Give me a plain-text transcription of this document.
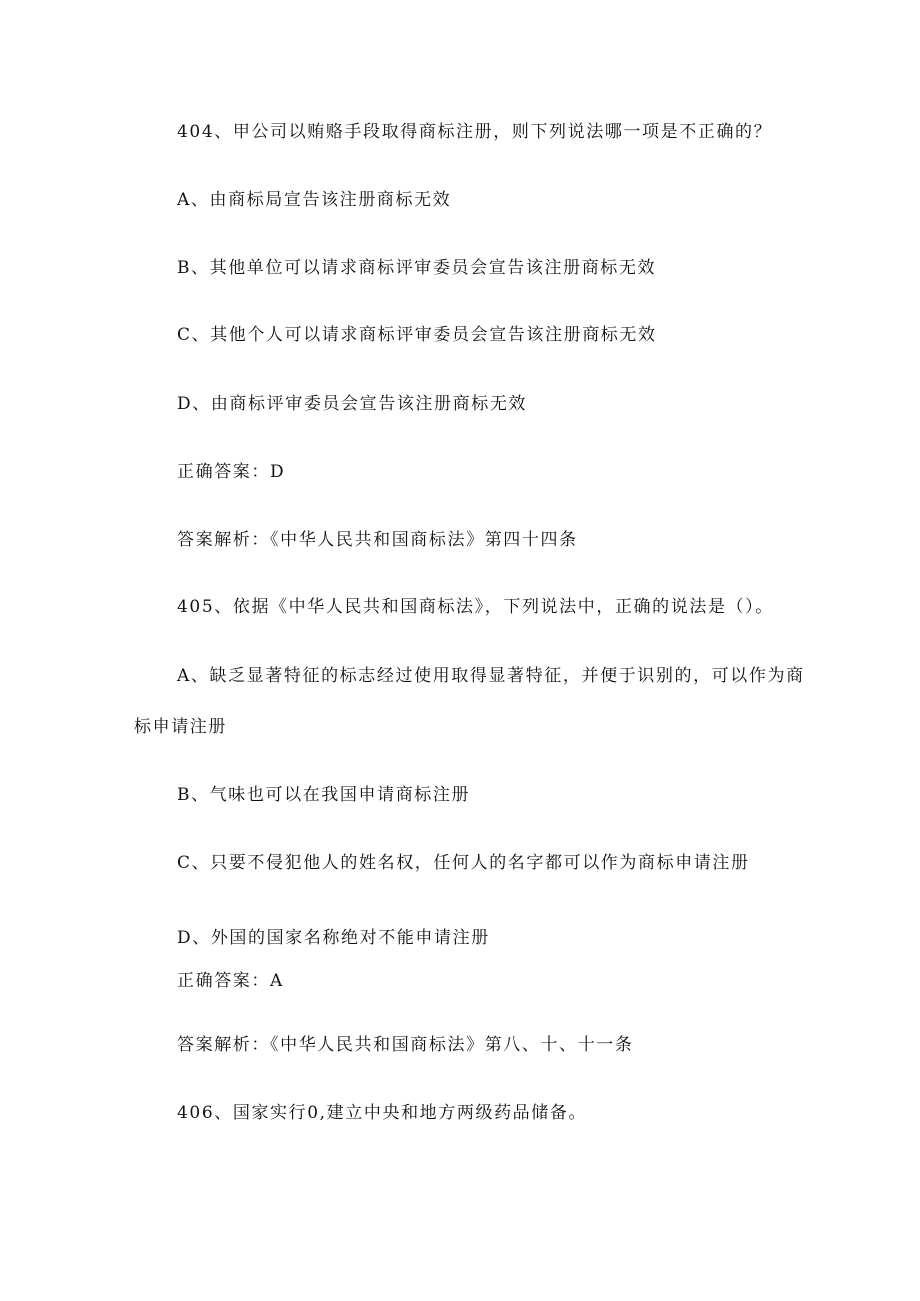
404、甲公司以贿赂手段取得商标注册，则下列说法哪一项是不正确的？
A、由商标局宣告该注册商标无效
B、其他单位可以请求商标评审委员会宣告该注册商标无效
C、其他个人可以请求商标评审委员会宣告该注册商标无效
D、由商标评审委员会宣告该注册商标无效
正确答案：D
答案解析：《中华人民共和国商标法》第四十四条
405、依据《中华人民共和国商标法》，下列说法中，正确的说法是（）。
A、缺乏显著特征的标志经过使用取得显著特征，并便于识别的，可以作为商
标申请注册
B、气味也可以在我国申请商标注册
C、只要不侵犯他人的姓名权，任何人的名字都可以作为商标申请注册
D、外国的国家名称绝对不能申请注册
正确答案：A
答案解析：《中华人民共和国商标法》第八、十、十一条
406、国家实行0,建立中央和地方两级药品储备。
